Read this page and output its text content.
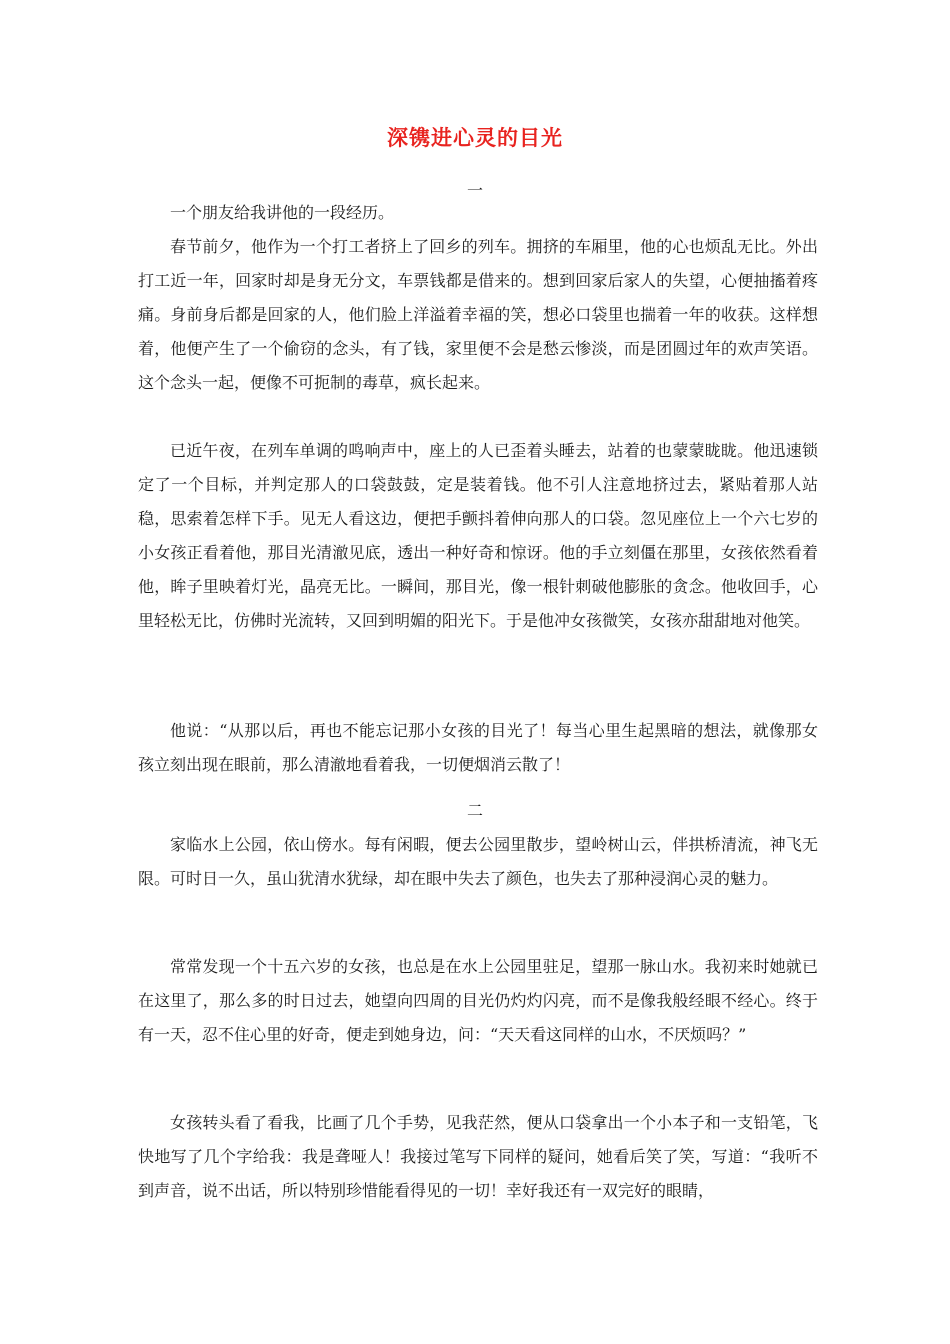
深镌进心灵的目光
一
一个朋友给我讲他的一段经历。
春节前夕，他作为一个打工者挤上了回乡的列车。拥挤的车厢里，他的心也烦乱无比。外出打工近一年，回家时却是身无分文，车票钱都是借来的。想到回家后家人的失望，心便抽搐着疼痛。身前身后都是回家的人，他们脸上洋溢着幸福的笑，想必口袋里也揣着一年的收获。这样想着，他便产生了一个偷窃的念头，有了钱，家里便不会是愁云惨淡，而是团圆过年的欢声笑语。这个念头一起，便像不可扼制的毒草，疯长起来。
已近午夜，在列车单调的鸣响声中，座上的人已歪着头睡去，站着的也蒙蒙眬眬。他迅速锁定了一个目标，并判定那人的口袋鼓鼓，定是装着钱。他不引人注意地挤过去，紧贴着那人站稳，思索着怎样下手。见无人看这边，便把手颤抖着伸向那人的口袋。忽见座位上一个六七岁的小女孩正看着他，那目光清澈见底，透出一种好奇和惊讶。他的手立刻僵在那里，女孩依然看着他，眸子里映着灯光，晶亮无比。一瞬间，那目光，像一根针刺破他膨胀的贪念。他收回手，心里轻松无比，仿佛时光流转，又回到明媚的阳光下。于是他冲女孩微笑，女孩亦甜甜地对他笑。
他说：“从那以后，再也不能忘记那小女孩的目光了！每当心里生起黑暗的想法，就像那女孩立刻出现在眼前，那么清澈地看着我，一切便烟消云散了！
二
家临水上公园，依山傍水。每有闲暇，便去公园里散步，望岭树山云，伴拱桥清流，神飞无限。可时日一久，虽山犹清水犹绿，却在眼中失去了颜色，也失去了那种浸润心灵的魅力。
常常发现一个十五六岁的女孩，也总是在水上公园里驻足，望那一脉山水。我初来时她就已在这里了，那么多的时日过去，她望向四周的目光仍灼灼闪亮，而不是像我般经眼不经心。终于有一天，忍不住心里的好奇，便走到她身边，问：“天天看这同样的山水，不厌烦吗？”
女孩转头看了看我，比画了几个手势，见我茫然，便从口袋拿出一个小本子和一支铅笔，飞快地写了几个字给我：我是聋哑人！我接过笔写下同样的疑问，她看后笑了笑，写道：“我听不到声音，说不出话，所以特别珍惜能看得见的一切！幸好我还有一双完好的眼睛，
